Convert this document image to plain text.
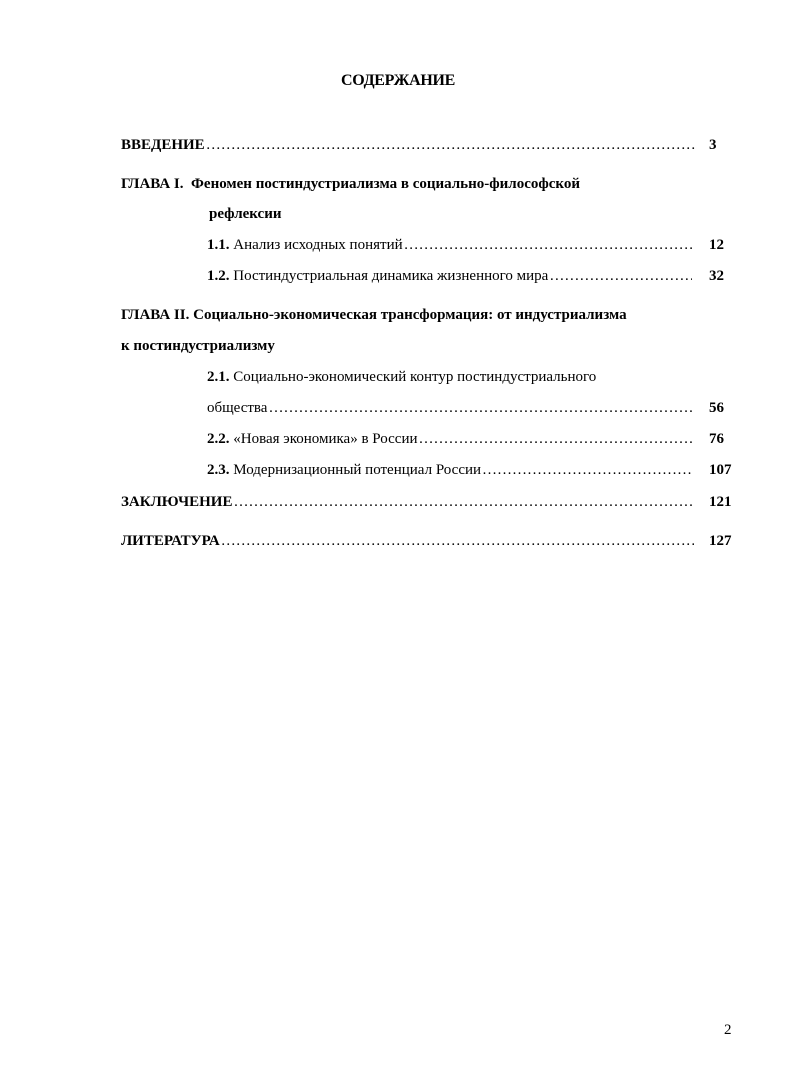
СОДЕРЖАНИЕ
ВВЕДЕНИЕ ……………………………………………………………………………………………………………………………………………………………	3
ГЛАВА I. Феномен постиндустриализма в социально-философской
рефлексии
1.1.
Анализ исходных понятий ……………………………………………………………………………………………………………………………………………………………	12
1.2.
Постиндустриальная динамика жизненного мира ……………………………………………………………………………………………………………………………………………………………	32
ГЛАВА II. Социально-экономическая трансформация: от индустриализма
к постиндустриализму
2.1. Социально-экономический контур постиндустриального
общества ……………………………………………………………………………………………………………………………………………………………	56
2.2.
«Новая экономика» в России ……………………………………………………………………………………………………………………………………………………………	76
2.3.
Модернизационный потенциал России ……………………………………………………………………………………………………………………………………………………………	107
ЗАКЛЮЧЕНИЕ ……………………………………………………………………………………………………………………………………………………………	121
ЛИТЕРАТУРА ……………………………………………………………………………………………………………………………………………………………	127
2
